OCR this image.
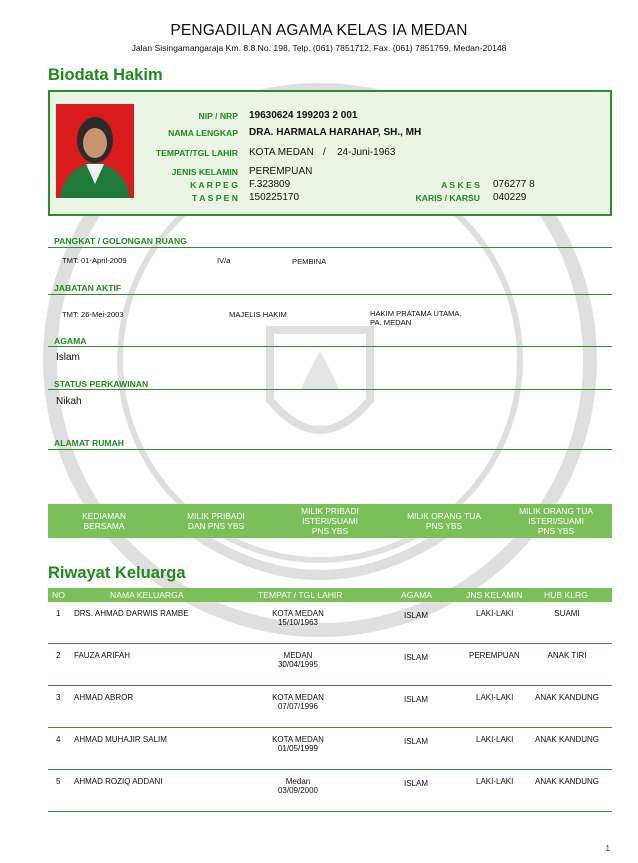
PENGADILAN AGAMA KELAS IA MEDAN
Jalan Sisingamangaraja Km. 8.8 No. 198, Telp. (061) 7851712, Fax. (061) 7851759, Medan-20148
Biodata Hakim
NIP / NRP 19630624 199203 2 001
NAMA LENGKAP DRA. HARMALA HARAHAP, SH., MH
TEMPAT/TGL LAHIR KOTA MEDAN / 24-Juni-1963
JENIS KELAMIN PEREMPUAN
K A R P E G F.323809
T A S P E N 150225170
A S K E S 076277 8
KARIS / KARSU 040229
PANGKAT / GOLONGAN RUANG
TMT: 01-April-2009	IV/a	PEMBINA
JABATAN AKTIF
TMT: 26-Mei-2003	MAJELIS HAKIM	HAKIM PRATAMA UTAMA,
PA. MEDAN
AGAMA
Islam
STATUS PERKAWINAN
Nikah
ALAMAT RUMAH
KEDIAMAN
BERSAMA
MILIK PRIBADI
DAN PNS YBS
MILIK PRIBADI
ISTERI/SUAMI
PNS YBS
MILIK ORANG TUA
PNS YBS
MILIK ORANG TUA
ISTERI/SUAMI
PNS YBS
Riwayat Keluarga
NO	NAMA KELUARGA	TEMPAT / TGL LAHIR	AGAMA	JNS KELAMIN	HUB KLRG
1 DRS. AHMAD DARWIS RAMBE	KOTA MEDAN
15/10/1963
ISLAM	LAKI-LAKI	SUAMI
2 FAUZA ARIFAH	MEDAN
30/04/1995
ISLAM	PEREMPUAN	ANAK TIRI
3 AHMAD ABROR	KOTA MEDAN
07/07/1996
ISLAM	LAKI-LAKI	ANAK KANDUNG
4 AHMAD MUHAJIR SALIM	KOTA MEDAN
01/05/1999
ISLAM	LAKI-LAKI	ANAK KANDUNG
5 AHMAD ROZIQ ADDANI	Medan
03/09/2000
ISLAM	LAKI-LAKI	ANAK KANDUNG
1
